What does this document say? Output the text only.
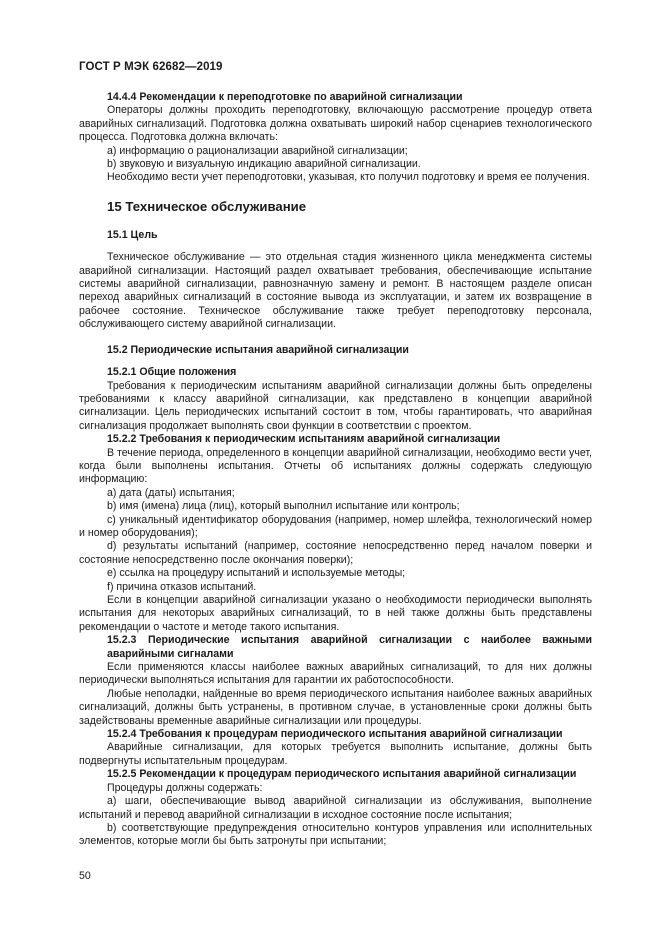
ГОСТ Р МЭК 62682—2019

14.4.4 Рекомендации к переподготовке по аварийной сигнализации

Операторы должны проходить переподготовку, включающую рассмотрение процедур ответа аварийных сигнализаций. Подготовка должна охватывать широкий набор сценариев технологического процесса. Подготовка должна включать:

a) информацию о рационализации аварийной сигнализации;

b) звуковую и визуальную индикацию аварийной сигнализации.

Необходимо вести учет переподготовки, указывая, кто получил подготовку и время ее получения.

15 Техническое обслуживание

15.1 Цель

Техническое обслуживание — это отдельная стадия жизненного цикла менеджмента системы аварийной сигнализации. Настоящий раздел охватывает требования, обеспечивающие испытание системы аварийной сигнализации, равнозначную замену и ремонт. В настоящем разделе описан переход аварийных сигнализаций в состояние вывода из эксплуатации, и затем их возвращение в рабочее состояние. Техническое обслуживание также требует переподготовку персонала, обслуживающего систему аварийной сигнализации.

15.2 Периодические испытания аварийной сигнализации

15.2.1 Общие положения

Требования к периодическим испытаниям аварийной сигнализации должны быть определены требованиями к классу аварийной сигнализации, как представлено в концепции аварийной сигнализации. Цель периодических испытаний состоит в том, чтобы гарантировать, что аварийная сигнализация продолжает выполнять свои функции в соответствии с проектом.

15.2.2 Требования к периодическим испытаниям аварийной сигнализации

В течение периода, определенного в концепции аварийной сигнализации, необходимо вести учет, когда были выполнены испытания. Отчеты об испытаниях должны содержать следующую информацию:

a) дата (даты) испытания;

b) имя (имена) лица (лиц), который выполнил испытание или контроль;

c) уникальный идентификатор оборудования (например, номер шлейфа, технологический номер и номер оборудования);

d) результаты испытаний (например, состояние непосредственно перед началом поверки и состояние непосредственно после окончания поверки);

e) ссылка на процедуру испытаний и используемые методы;

f) причина отказов испытаний.

Если в концепции аварийной сигнализации указано о необходимости периодически выполнять испытания для некоторых аварийных сигнализаций, то в ней также должны быть представлены рекомендации о частоте и методе такого испытания.

15.2.3 Периодические испытания аварийной сигнализации с наиболее важными аварийными сигналами

Если применяются классы наиболее важных аварийных сигнализаций, то для них должны периодически выполняться испытания для гарантии их работоспособности.

Любые неполадки, найденные во время периодического испытания наиболее важных аварийных сигнализаций, должны быть устранены, в противном случае, в установленные сроки должны быть задействованы временные аварийные сигнализации или процедуры.

15.2.4 Требования к процедурам периодического испытания аварийной сигнализации

Аварийные сигнализации, для которых требуется выполнить испытание, должны быть подвергнуты испытательным процедурам.

15.2.5 Рекомендации к процедурам периодического испытания аварийной сигнализации

Процедуры должны содержать:

a) шаги, обеспечивающие вывод аварийной сигнализации из обслуживания, выполнение испытаний и перевод аварийной сигнализации в исходное состояние после испытания;

b) соответствующие предупреждения относительно контуров управления или исполнительных элементов, которые могли бы быть затронуты при испытании;

50
